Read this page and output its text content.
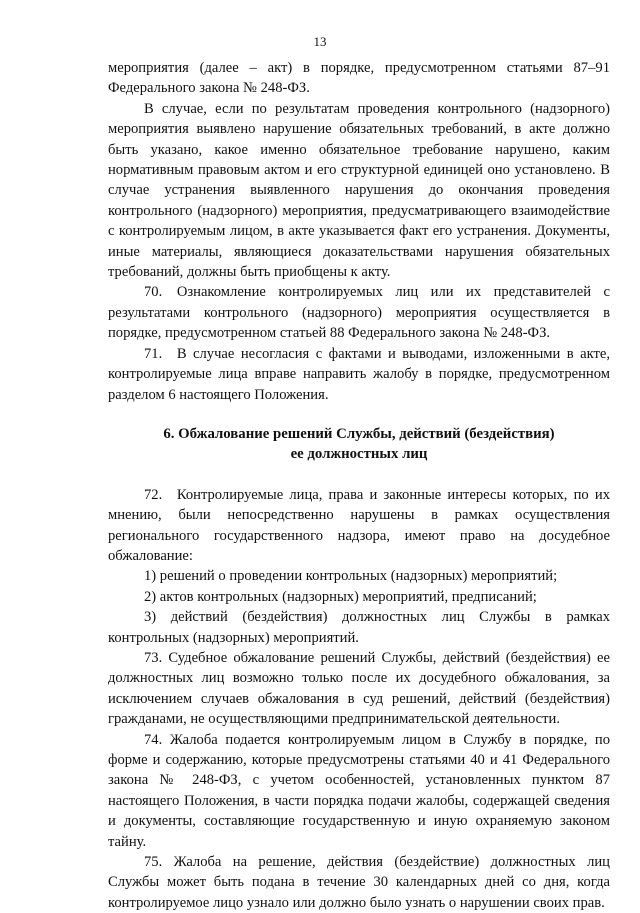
13

мероприятия (далее – акт) в порядке, предусмотренном статьями 87–91 Федерального закона № 248-ФЗ.

В случае, если по результатам проведения контрольного (надзорного) мероприятия выявлено нарушение обязательных требований, в акте должно быть указано, какое именно обязательное требование нарушено, каким нормативным правовым актом и его структурной единицей оно установлено. В случае устранения выявленного нарушения до окончания проведения контрольного (надзорного) мероприятия, предусматривающего взаимодействие с контролируемым лицом, в акте указывается факт его устранения. Документы, иные материалы, являющиеся доказательствами нарушения обязательных требований, должны быть приобщены к акту.

70. Ознакомление контролируемых лиц или их представителей с результатами контрольного (надзорного) мероприятия осуществляется в порядке, предусмотренном статьей 88 Федерального закона № 248-ФЗ.

71. В случае несогласия с фактами и выводами, изложенными в акте, контролируемые лица вправе направить жалобу в порядке, предусмотренном разделом 6 настоящего Положения.

6. Обжалование решений Службы, действий (бездействия)
ее должностных лиц

72. Контролируемые лица, права и законные интересы которых, по их мнению, были непосредственно нарушены в рамках осуществления регионального государственного надзора, имеют право на досудебное обжалование:

1) решений о проведении контрольных (надзорных) мероприятий;

2) актов контрольных (надзорных) мероприятий, предписаний;

3) действий (бездействия) должностных лиц Службы в рамках контрольных (надзорных) мероприятий.

73. Судебное обжалование решений Службы, действий (бездействия) ее должностных лиц возможно только после их досудебного обжалования, за исключением случаев обжалования в суд решений, действий (бездействия) гражданами, не осуществляющими предпринимательской деятельности.

74. Жалоба подается контролируемым лицом в Службу в порядке, по форме и содержанию, которые предусмотрены статьями 40 и 41 Федерального закона № 248-ФЗ, с учетом особенностей, установленных пунктом 87 настоящего Положения, в части порядка подачи жалобы, содержащей сведения и документы, составляющие государственную и иную охраняемую законом тайну.

75. Жалоба на решение, действия (бездействие) должностных лиц Службы может быть подана в течение 30 календарных дней со дня, когда контролируемое лицо узнало или должно было узнать о нарушении своих прав.
